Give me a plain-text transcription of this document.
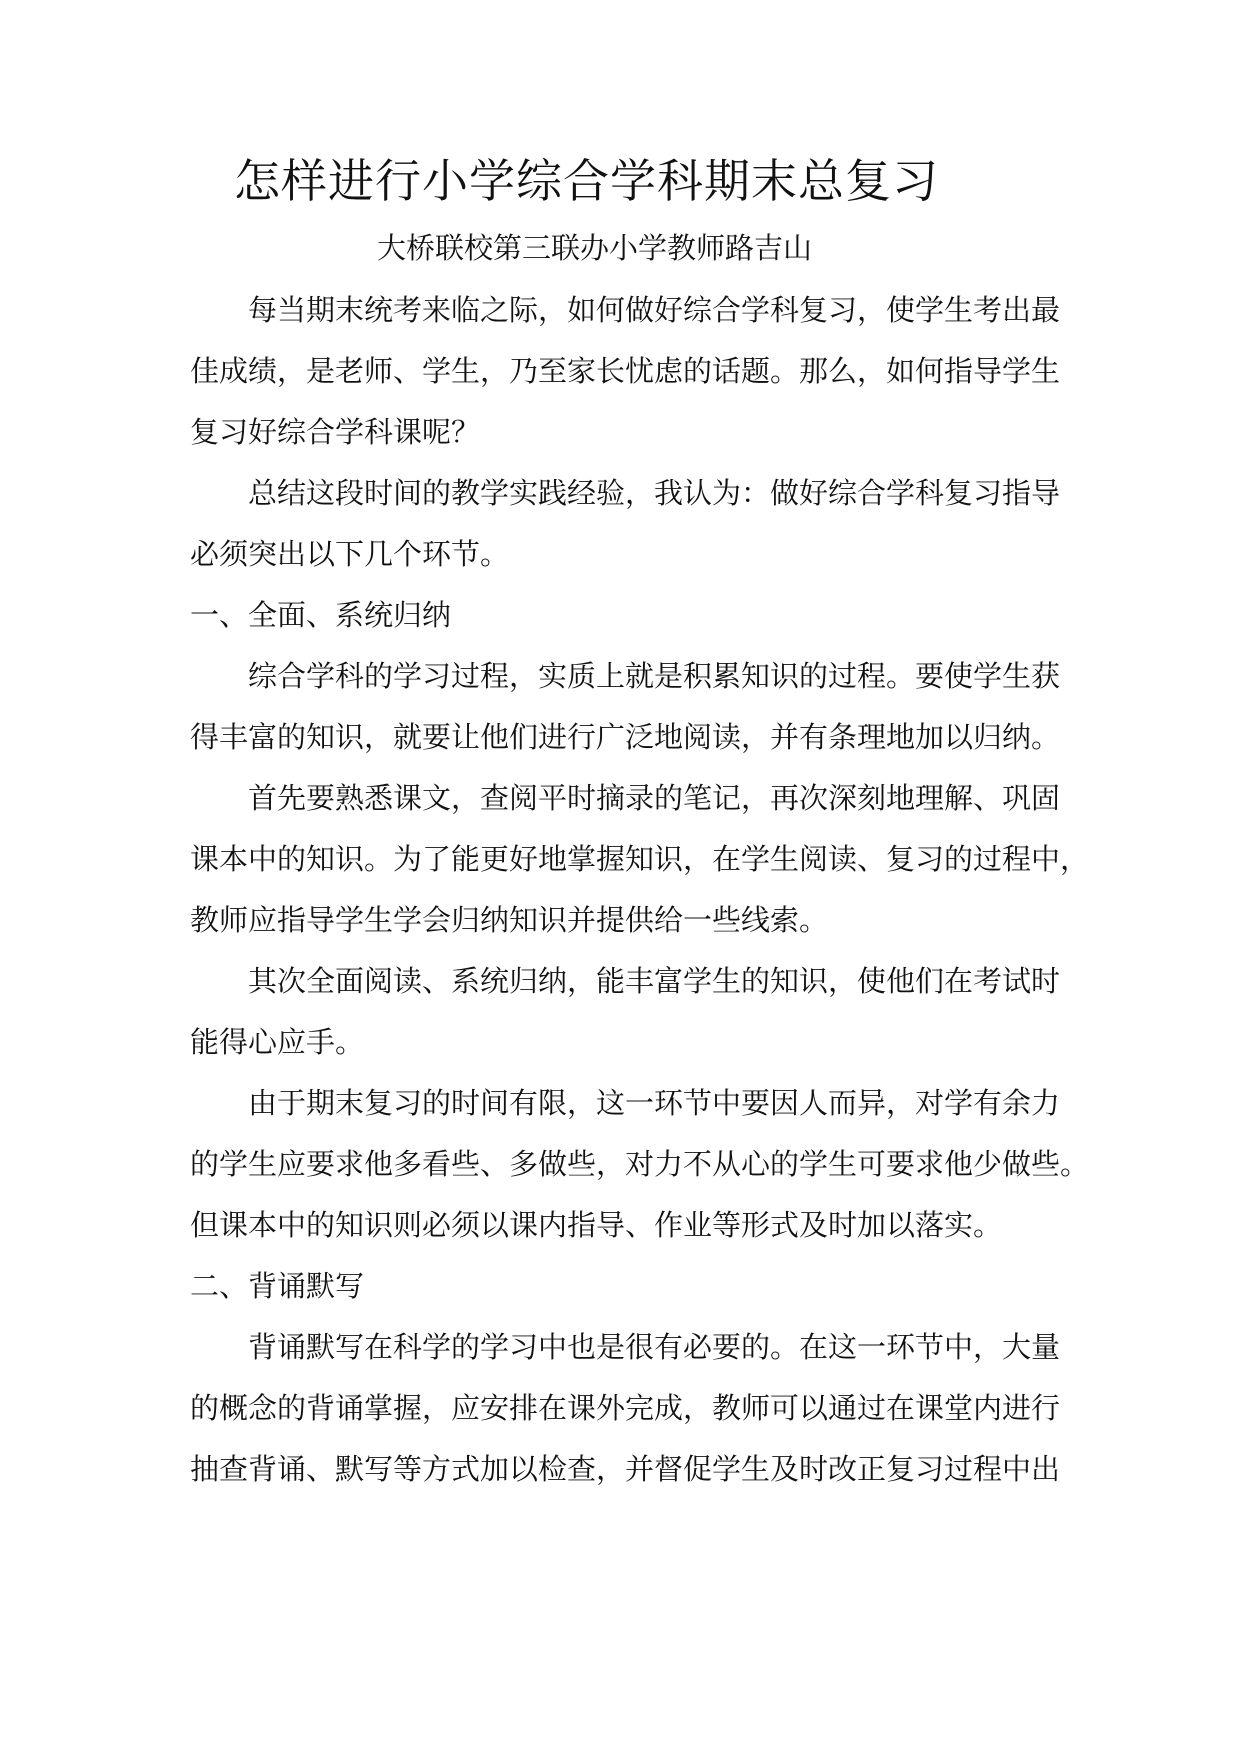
怎样进行小学综合学科期末总复习
大桥联校第三联办小学教师路吉山
每当期末统考来临之际，如何做好综合学科复习，使学生考出最
佳成绩，是老师、学生，乃至家长忧虑的话题。那么，如何指导学生
复习好综合学科课呢？
总结这段时间的教学实践经验，我认为：做好综合学科复习指导
必须突出以下几个环节。
一、全面、系统归纳
综合学科的学习过程，实质上就是积累知识的过程。要使学生获
得丰富的知识，就要让他们进行广泛地阅读，并有条理地加以归纳。
首先要熟悉课文，查阅平时摘录的笔记，再次深刻地理解、巩固
课本中的知识。为了能更好地掌握知识，在学生阅读、复习的过程中，
教师应指导学生学会归纳知识并提供给一些线索。
其次全面阅读、系统归纳，能丰富学生的知识，使他们在考试时
能得心应手。
由于期末复习的时间有限，这一环节中要因人而异，对学有余力
的学生应要求他多看些、多做些，对力不从心的学生可要求他少做些。
但课本中的知识则必须以课内指导、作业等形式及时加以落实。
二、背诵默写
背诵默写在科学的学习中也是很有必要的。在这一环节中，大量
的概念的背诵掌握，应安排在课外完成，教师可以通过在课堂内进行
抽查背诵、默写等方式加以检查，并督促学生及时改正复习过程中出
